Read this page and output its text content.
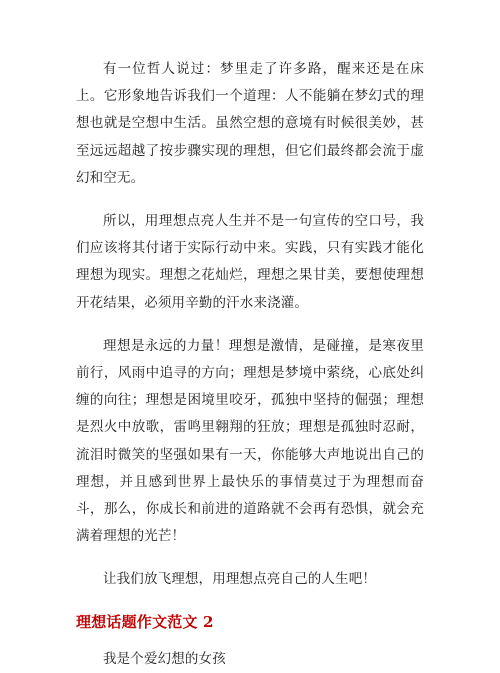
有一位哲人说过：梦里走了许多路，醒来还是在床上。它形象地告诉我们一个道理：人不能躺在梦幻式的理想也就是空想中生活。虽然空想的意境有时候很美妙，甚至远远超越了按步骤实现的理想，但它们最终都会流于虚幻和空无。

所以，用理想点亮人生并不是一句宣传的空口号，我们应该将其付诸于实际行动中来。实践，只有实践才能化理想为现实。理想之花灿烂，理想之果甘美，要想使理想开花结果，必须用辛勤的汗水来浇灌。

理想是永远的力量！理想是激情，是碰撞，是寒夜里前行，风雨中追寻的方向；理想是梦境中萦绕，心底处纠缠的向往；理想是困境里咬牙，孤独中坚持的倔强；理想是烈火中放歌，雷鸣里翱翔的狂放；理想是孤独时忍耐，流泪时微笑的坚强如果有一天，你能够大声地说出自己的理想，并且感到世界上最快乐的事情莫过于为理想而奋斗，那么，你成长和前进的道路就不会再有恐惧，就会充满着理想的光芒！

让我们放飞理想，用理想点亮自己的人生吧！

理想话题作文范文 2

我是个爱幻想的女孩
